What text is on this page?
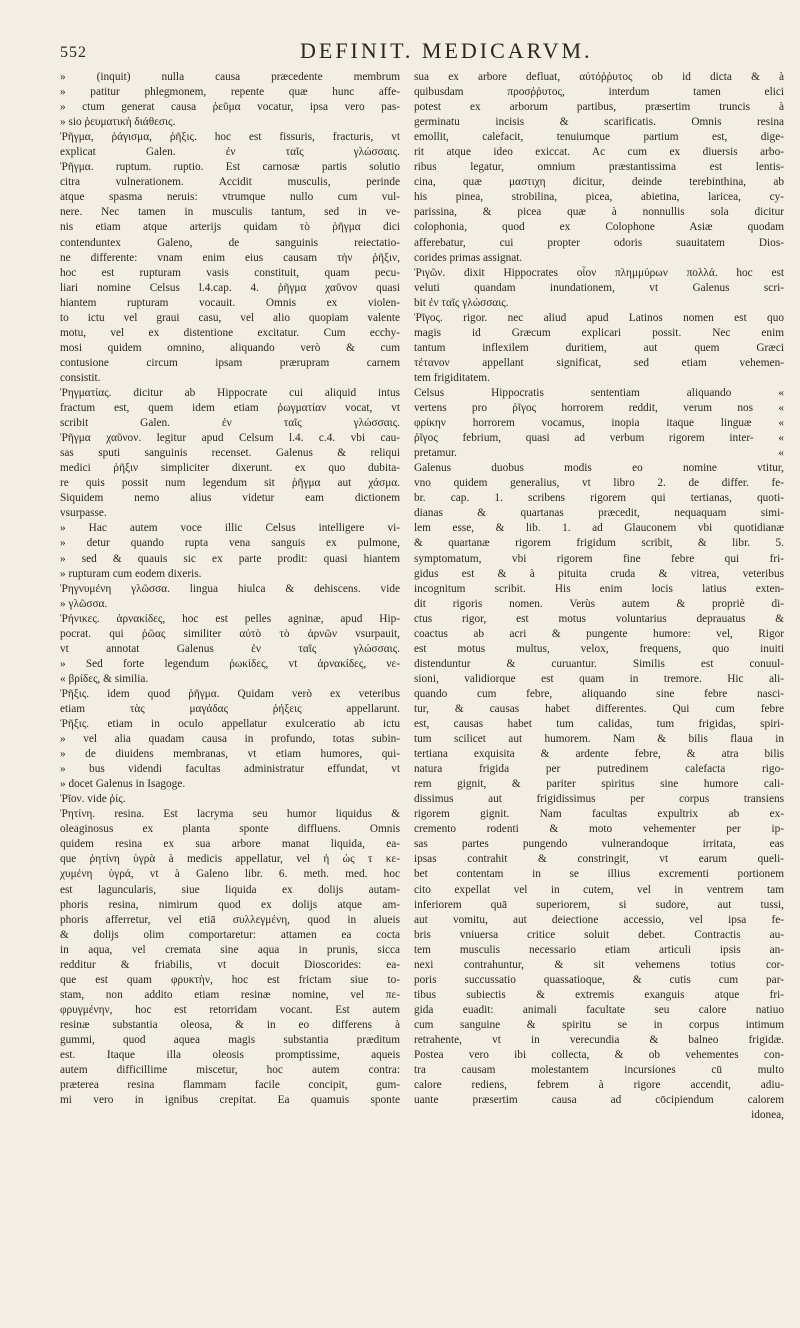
552	DEFINIT. MEDICARVM.
» (inquit) nulla causa præcedente membrum
» patitur phlegmonem, repente quæ hunc affe-
» ctum generat causa ῥεῦμα vocatur, ipsa vero pas-
» sio ῥευματικὴ διάθεσις.
Ῥῆγμα, ῥάγισμα, ῥῆξις. hoc est fissuris, fracturis, vt
explicat Galen. ἐν ταῖς γλώσσαις.
Ῥῆγμα. ruptum. ruptio. Est carnosæ partis solutio
citra vulnerationem. Accidit musculis, perinde
atque spasma neruis: vtrumque nullo cum vul-
nere. Nec tamen in musculis tantum, sed in ve-
nis etiam atque arterijs quidam τὸ ῥῆγμα dici
contenduntex Galeno, de sanguinis reiectatio-
ne differente: vnam enim eius causam τὴν ῥῆξιν,
hoc est rupturam vasis constituit, quam pecu-
liari nomine Celsus l.4.cap. 4. ῥῆγμα χαῦνον quasi
hiantem rupturam vocauit. Omnis ex violen-
to ictu vel graui casu, vel alio quopiam valente
motu, vel ex distentione excitatur. Cum ecchy-
mosi quidem omnino, aliquando verò & cum
contusione circum ipsam prærupram carnem
consistit.
Ῥηγματίας. dicitur ab Hippocrate cui aliquid intus
fractum est, quem idem etiam ῥωγματίαν vocat, vt
scribit Galen. ἐν ταῖς γλώσσαις.
Ῥῆγμα χαῦνον. legitur apud Celsum l.4. c.4. vbi cau-
sas sputi sanguinis recenset. Galenus & reliqui
medici ῥῆξιν simpliciter dixerunt. ex quo dubita-
re quis possit num legendum sit ῥῆγμα aut χάσμα.
Siquidem nemo alius videtur eam dictionem
vsurpasse.
» Hac autem voce illic Celsus intelligere vi-
» detur quando rupta vena sanguis ex pulmone,
» sed & quauis sic ex parte prodit: quasi hiantem
» rupturam cum eodem dixeris.
Ῥηγνυμένη γλῶσσα. lingua hiulca & dehiscens. vide
» γλῶσσα.
Ῥήνικες. ἀρνακίδες, hoc est pelles agninæ, apud Hip-
pocrat. qui ῥῶας similiter αὐτὸ τὸ ἀρνῶν vsurpauit,
vt annotat Galenus ἐν ταῖς γλώσσαις.
» Sed forte legendum ῥωκίδες, vt ἀρνακίδες, νε-
« βρίδες, & similia.
Ῥῆξις. idem quod ῥῆγμα. Quidam verò ex veteribus
etiam τὰς μαγάδας ῥήξεις appellarunt.
Ῥῆξις. etiam in oculo appellatur exulceratio ab ictu
» vel alia quadam causa in profundo, totas subin-
» de diuidens membranas, vt etiam humores, qui-
» bus videndi facultas administratur effundat, vt
» docet Galenus in Isagoge.
Ῥῖον. vide ῥίς.
Ῥητίνη. resina. Est lacryma seu humor liquidus &
oleaginosus ex planta sponte diffluens. Omnis
quidem resina ex sua arbore manat liquida, ea-
que ῥητίνη ὑγρὰ à medicis appellatur, vel ἡ ὡς τ κε-
χυμένη ὑγρά, vt à Galeno libr. 6. meth. med. hoc
est laguncularis, siue liquida ex dolijs autam-
phoris resina, nimirum quod ex dolijs atque am-
phoris afferretur, vel etiā συλλεγμένη, quod in alueis
& dolijs olim comportaretur: attamen ea cocta
in aqua, vel cremata sine aqua in prunis, sicca
redditur & friabilis, vt docuit Dioscorides: ea-
que est quam φρυκτὴν, hoc est frictam siue to-
stam, non addito etiam resinæ nomine, vel πε-
φρυγμένην, hoc est retorridam vocant. Est autem
resinæ substantia oleosa, & in eo differens à
gummi, quod aquea magis substantia præditum
est. Itaque illa oleosis promptissime, aqueis
autem difficillime miscetur, hoc autem contra:
præterea resina flammam facile concipit, gum-
mi vero in ignibus crepitat. Ea quamuis sponte
sua ex arbore defluat, αὐτόῤῥυτος ob id dicta & à
quibusdam προσῤῥυτος, interdum tamen elici
potest ex arborum partibus, præsertim truncis à
germinatu incisis & scarificatis. Omnis resina
emollit, calefacit, tenuiumque partium est, dige-
rit atque ideo exiccat. Ac cum ex diuersis arbo-
ribus legatur, omnium præstantissima est lentis-
cina, quæ μαστιχη dicitur, deinde terebinthina, ab
his pinea, strobilina, picea, abietina, laricea, cy-
parissina, & picea quæ à nonnullis sola dicitur
colophonia, quod ex Colophone Asiæ quodam
afferebatur, cui propter odoris suauitatem Dios-
corides primas assignat.
Ῥιγῶν. dixit Hippocrates οἷον πλημμύρων πολλά. hoc est
veluti quandam inundationem, vt Galenus scri-
bit ἐν ταῖς γλώσσαις.
Ῥῖγος. rigor. nec aliud apud Latinos nomen est quo
magis id Græcum explicari possit. Nec enim
tantum inflexilem duritiem, aut quem Græci
τέτανον appellant significat, sed etiam vehemen-
tem frigiditatem.
Celsus Hippocratis sententiam aliquando «
vertens pro ῥῖγος horrorem reddit, verum nos «
φρίκην horrorem vocamus, inopia itaque linguæ «
ῥῖγος febrium, quasi ad verbum rigorem inter- «
pretamur. «
Galenus duobus modis eo nomine vtitur,
vno quidem generalius, vt libro 2. de differ. fe-
br. cap. 1. scribens rigorem qui tertianas, quoti-
dianas & quartanas præcedit, nequaquam simi-
lem esse, & lib. 1. ad Glauconem vbi quotidianæ
& quartanæ rigorem frigidum scribit, & libr. 5.
symptomatum, vbi rigorem fine febre qui fri-
gidus est & à pituita cruda & vitrea, veteribus
incognitum scribit. His enim locis latius exten-
dit rigoris nomen. Verùs autem & propriè di-
ctus rigor, est motus voluntarius deprauatus &
coactus ab acri & pungente humore: vel, Rigor
est motus multus, velox, frequens, quo inuiti
distenduntur & curuantur. Similis est conuul-
sioni, validiorque est quam in tremore. Hic ali-
quando cum febre, aliquando sine febre nasci-
tur, & causas habet differentes. Qui cum febre
est, causas habet tum calidas, tum frigidas, spiri-
tum scilicet aut humorem. Nam & bilis flaua in
tertiana exquisita & ardente febre, & atra bilis
natura frigida per putredinem calefacta rigo-
rem gignit, & pariter spiritus sine humore cali-
dissimus aut frigidissimus per corpus transiens
rigorem gignit. Nam facultas expultrix ab ex-
cremento rodenti & moto vehementer per ip-
sas partes pungendo vulnerandoque irritata, eas
ipsas contrahit & constringit, vt earum queli-
bet contentam in se illius excrementi portionem
cito expellat vel in cutem, vel in ventrem tam
inferiorem quā superiorem, si sudore, aut tussi,
aut vomitu, aut deiectione accessio, vel ipsa fe-
bris vniuersa critice soluit debet. Contractis au-
tem musculis necessario etiam articuli ipsis an-
nexi contrahuntur, & sit vehemens totius cor-
poris succussatio quassatioque, & cutis cum par-
tibus subiectis & extremis exanguis atque fri-
gida euadit: animali facultate seu calore natiuo
cum sanguine & spiritu se in corpus intimum
retrahente, vt in verecundia & balneo frigidæ.
Postea vero ibi collecta, & ob vehementes con-
tra causam molestantem incursiones cū multo
calore rediens, febrem à rigore accendit, adiu-
uante præsertim causa ad cōcipiendum calorem
idonea,
